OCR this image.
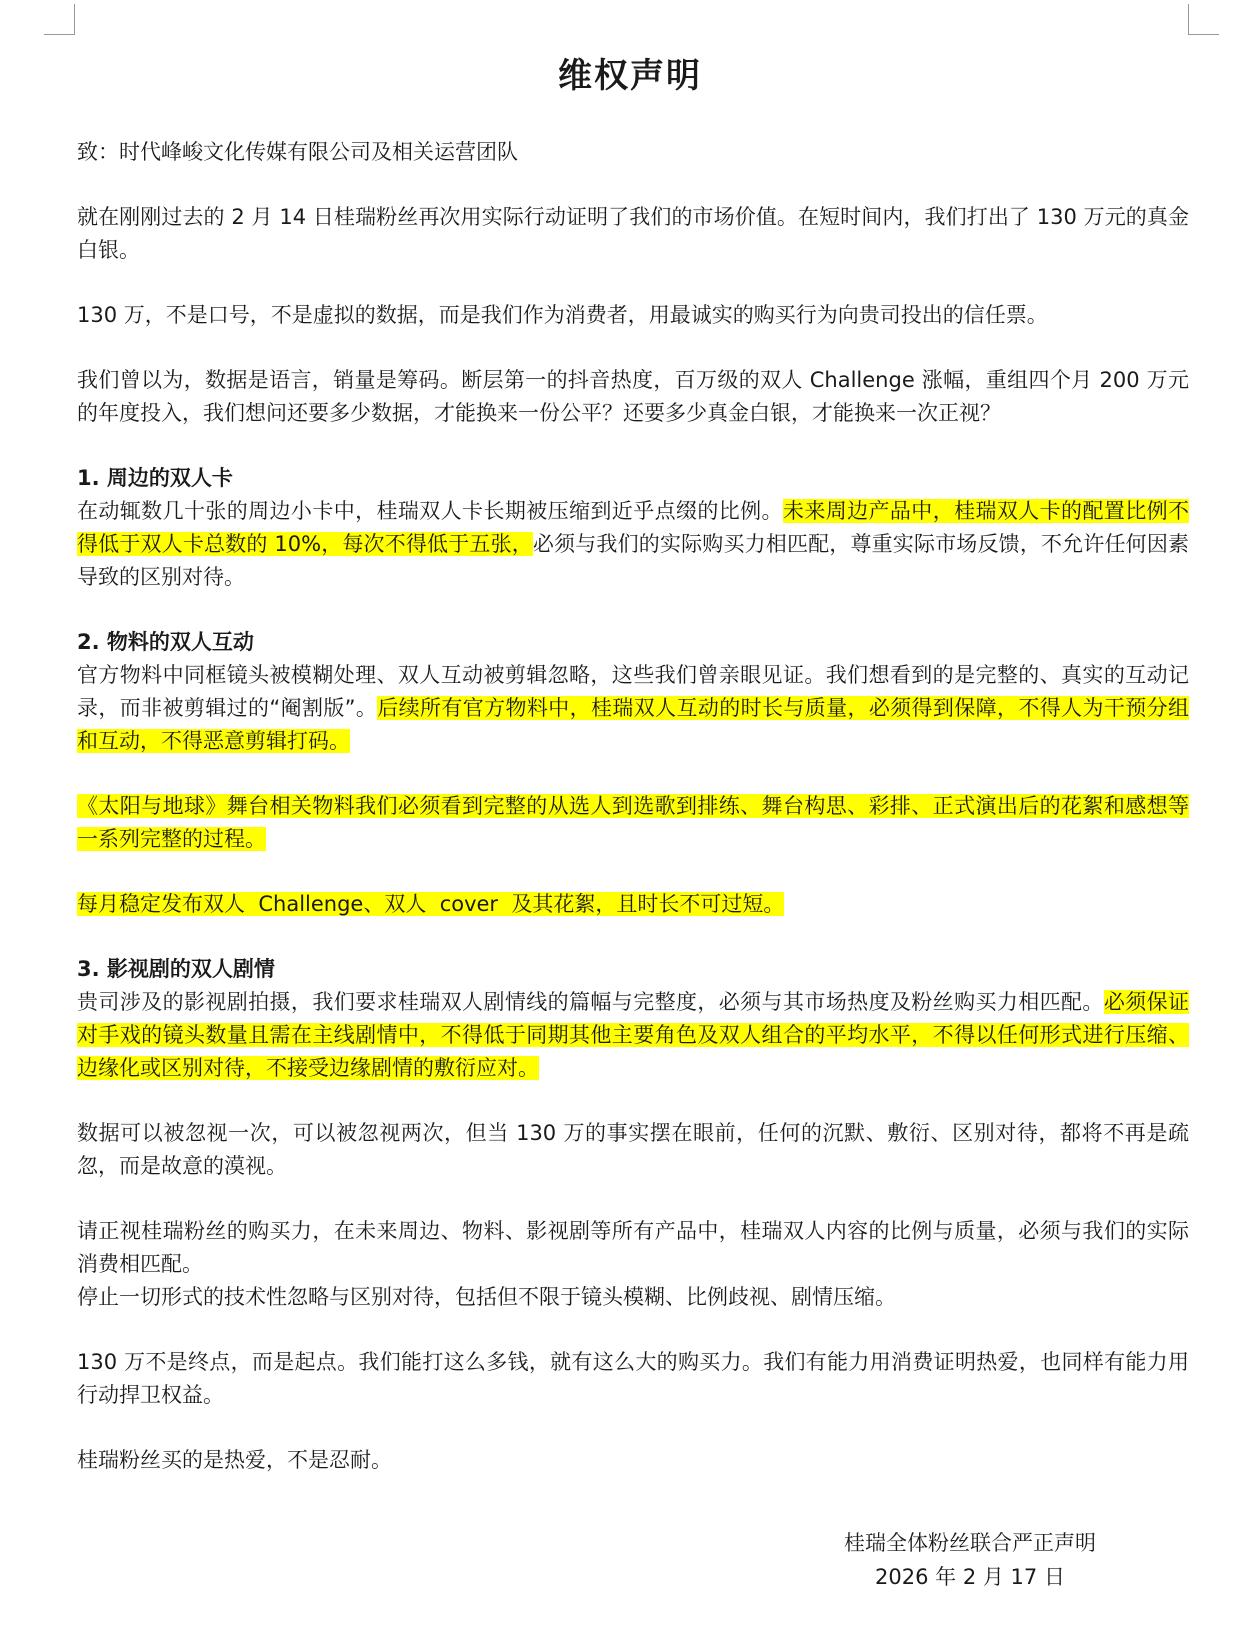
维权声明

致：时代峰峻文化传媒有限公司及相关运营团队

就在刚刚过去的 2 月 14 日桂瑞粉丝再次用实际行动证明了我们的市场价值。在短时间内，我们打出了 130 万元的真金白银。

130 万，不是口号，不是虚拟的数据，而是我们作为消费者，用最诚实的购买行为向贵司投出的信任票。

我们曾以为，数据是语言，销量是筹码。断层第一的抖音热度，百万级的双人 Challenge 涨幅，重组四个月 200 万元的年度投入，我们想问还要多少数据，才能换来一份公平？还要多少真金白银，才能换来一次正视？

1. 周边的双人卡

在动辄数几十张的周边小卡中，桂瑞双人卡长期被压缩到近乎点缀的比例。未来周边产品中，桂瑞双人卡的配置比例不得低于双人卡总数的 10%，每次不得低于五张，必须与我们的实际购买力相匹配，尊重实际市场反馈，不允许任何因素导致的区别对待。

2. 物料的双人互动

官方物料中同框镜头被模糊处理、双人互动被剪辑忽略，这些我们曾亲眼见证。我们想看到的是完整的、真实的互动记录，而非被剪辑过的“阉割版”。后续所有官方物料中，桂瑞双人互动的时长与质量，必须得到保障，不得人为干预分组和互动，不得恶意剪辑打码。

《太阳与地球》舞台相关物料我们必须看到完整的从选人到选歌到排练、舞台构思、彩排、正式演出后的花絮和感想等一系列完整的过程。

每月稳定发布双人  Challenge、双人  cover  及其花絮，且时长不可过短。

3. 影视剧的双人剧情

贵司涉及的影视剧拍摄，我们要求桂瑞双人剧情线的篇幅与完整度，必须与其市场热度及粉丝购买力相匹配。必须保证对手戏的镜头数量且需在主线剧情中，不得低于同期其他主要角色及双人组合的平均水平，不得以任何形式进行压缩、边缘化或区别对待，不接受边缘剧情的敷衍应对。

数据可以被忽视一次，可以被忽视两次，但当 130 万的事实摆在眼前，任何的沉默、敷衍、区别对待，都将不再是疏忽，而是故意的漠视。

请正视桂瑞粉丝的购买力，在未来周边、物料、影视剧等所有产品中，桂瑞双人内容的比例与质量，必须与我们的实际消费相匹配。

停止一切形式的技术性忽略与区别对待，包括但不限于镜头模糊、比例歧视、剧情压缩。

130 万不是终点，而是起点。我们能打这么多钱，就有这么大的购买力。我们有能力用消费证明热爱，也同样有能力用行动捍卫权益。

桂瑞粉丝买的是热爱，不是忍耐。

桂瑞全体粉丝联合严正声明
2026 年 2 月 17 日
